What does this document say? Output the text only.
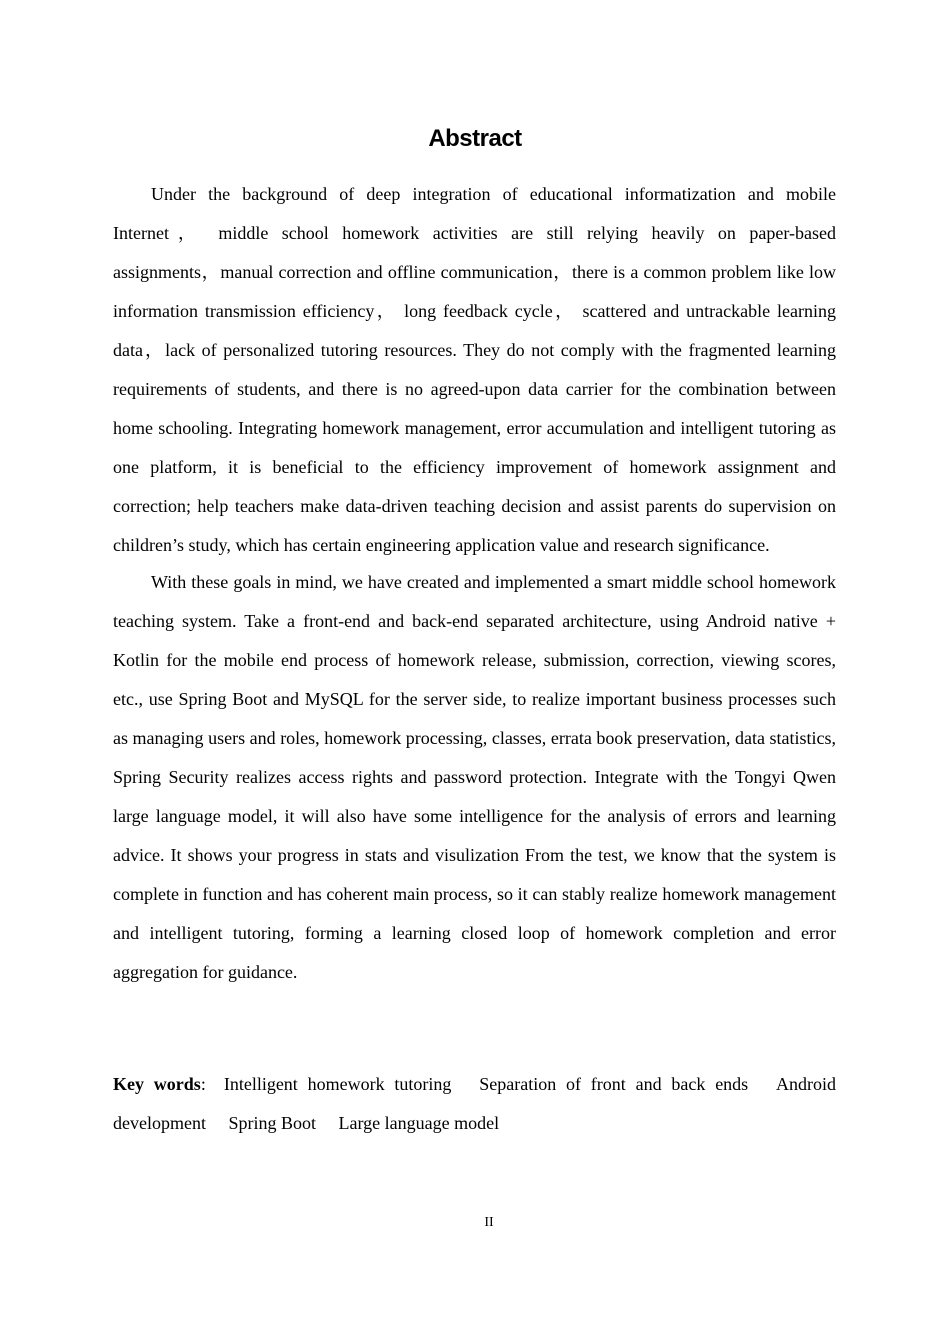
Abstract

Under the background of deep integration of educational informatization and mobile Internet， middle school homework activities are still relying heavily on paper-based assignments，manual correction and offline communication，there is a common problem like low information transmission efficiency， long feedback cycle， scattered and untrackable learning data，lack of personalized tutoring resources. They do not comply with the fragmented learning requirements of students, and there is no agreed-upon data carrier for the combination between home schooling. Integrating homework management, error accumulation and intelligent tutoring as one platform, it is beneficial to the efficiency improvement of homework assignment and correction; help teachers make data-driven teaching decision and assist parents do supervision on children’s study, which has certain engineering application value and research significance.

With these goals in mind, we have created and implemented a smart middle school homework teaching system. Take a front-end and back-end separated architecture, using Android native + Kotlin for the mobile end process of homework release, submission, correction, viewing scores, etc., use Spring Boot and MySQL for the server side, to realize important business processes such as managing users and roles, homework processing, classes, errata book preservation, data statistics, Spring Security realizes access rights and password protection. Integrate with the Tongyi Qwen large language model, it will also have some intelligence for the analysis of errors and learning advice. It shows your progress in stats and visulization From the test, we know that the system is complete in function and has coherent main process, so it can stably realize homework management and intelligent tutoring, forming a learning closed loop of homework completion and error aggregation for guidance.

Key words: Intelligent homework tutoring Separation of front and back ends Android development Spring Boot Large language model

II
